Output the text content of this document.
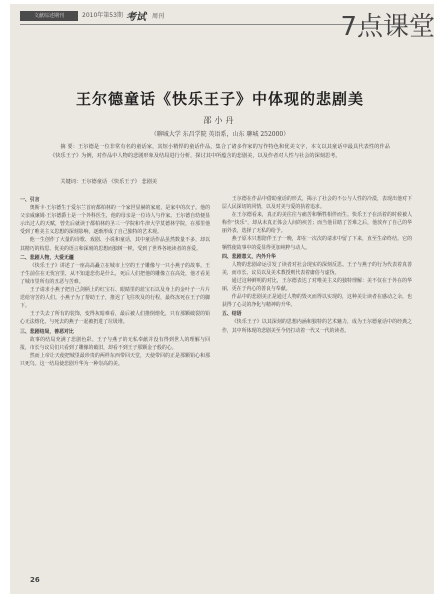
文献综述期刊	2010年第53期 考试 周刊	7点课堂
王尔德童话《快乐王子》中体现的悲剧美
邵小丹
（聊城大学 东昌学院 英语系，山东 聊城 252000）
摘 要：王尔德是一位非常有名的童话家，其短小精悍的童话作品，集合了诸多作家的写作特色和优美文字，本文以其童话中最具代表性的作品《快乐王子》为例，对作品中人物的悲剧形象及结局进行分析，探讨其中所蕴含的悲剧美，以及作者对人性与社会的深刻思考。
关键词：王尔德童话 《快乐王子》 悲剧美

一、引言

奥斯卡·王尔德生于爱尔兰首府都柏林的一个家世显赫的家庭，是家中的次子。他的父亲威廉姆·王尔德爵士是一个外科医生，他的母亲是一位诗人与作家。王尔德自幼便显示出过人的天赋，曾先后就读于都柏林的圣三一学院和牛津大学莫德林学院，在那里他受到了唯美主义思想的深刻影响，逐渐形成了自己独特的艺术观。

他一生创作了大量的诗歌、戏剧、小说和童话，其中童话作品虽然数量不多，却以其精巧的构思、优美的语言和深刻的思想而独树一帜，受到了世界各地读者的喜爱。

二、悲剧人物，大爱无疆

《快乐王子》讲述了一座高高矗立在城市上空的王子雕像与一只小燕子的故事。王子生前住在无忧宫里，从不知道悲伤是什么，死后人们把他的雕像立在高处，他才看见了城市里所有的丑恶与苦难。

王子请求小燕子把自己剑柄上的红宝石、眼睛里的蓝宝石以及身上的金叶子一片片送给穷苦的人们。小燕子为了帮助王子，推迟了飞往埃及的行程，最终冻死在王子的脚下。

王子失去了所有的装饰，变得灰暗难看，最后被人们推倒熔化，只有那颗破裂的铅心无法熔化，与死去的燕子一起被扔进了垃圾堆。

三、悲剧结局，善恶对比

故事的结局充满了悲剧色彩。王子与燕子的无私奉献并没有得到世人的理解与回报，市长与议员们只看到了雕像的破旧，却看不到王子那颗金子般的心。

然而上帝让天使把城里最珍贵的两样东西带回天堂，天使带回的正是那颗铅心和那只死鸟。这一结局使悲剧升华为一种崇高的美。

王尔德在作品中借助童话的形式，揭示了社会的不公与人性的冷漠，表现出他对下层人民深切的同情，以及对美与爱的执着追求。

在王尔德看来，真正的美往往与痛苦和牺牲相伴而生。快乐王子在活着的时候被人称作“快乐”，却从未真正体会人间的疾苦；而当他目睹了苦难之后，他放弃了自己的华丽外表，选择了无私的给予。

燕子原本只想陪伴王子一晚，却在一次次的请求中留了下来，直至生命终结。它的牺牲使故事中的爱显得更加纯粹与动人。

四、悲剧意义，内外升华

人物的悲剧命运引发了读者对社会现实的深刻反思。王子与燕子的行为代表着真善美，而市长、议员以及美术教授则代表着庸俗与虚伪。

通过这种鲜明的对比，王尔德表达了对唯美主义的独特理解：美不仅在于外在的华丽，更在于内心的善良与奉献。

作品中的悲剧美正是通过人物的毁灭而得以实现的，这种美让读者在感动之余，也获得了心灵的净化与精神的升华。

五、结语

《快乐王子》以其深刻的思想内涵和独特的艺术魅力，成为王尔德童话中的经典之作，其中所体现的悲剧美至今仍打动着一代又一代的读者。

26
